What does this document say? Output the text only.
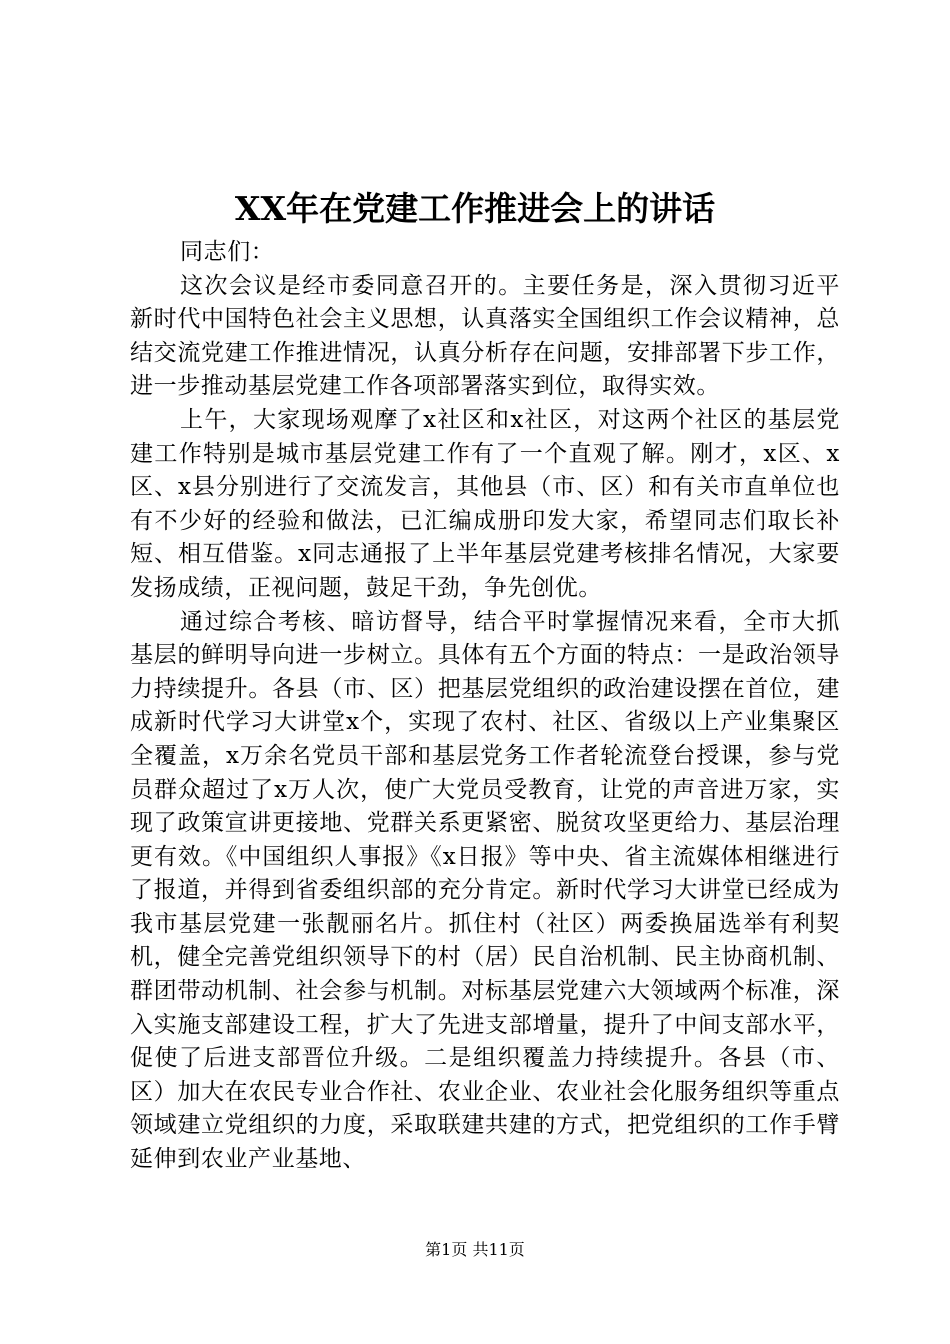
XX年在党建工作推进会上的讲话

同志们：

这次会议是经市委同意召开的。主要任务是，深入贯彻习近平新时代中国特色社会主义思想，认真落实全国组织工作会议精神，总结交流党建工作推进情况，认真分析存在问题，安排部署下步工作，进一步推动基层党建工作各项部署落实到位，取得实效。

上午，大家现场观摩了x社区和x社区，对这两个社区的基层党建工作特别是城市基层党建工作有了一个直观了解。刚才，x区、x区、x县分别进行了交流发言，其他县（市、区）和有关市直单位也有不少好的经验和做法，已汇编成册印发大家，希望同志们取长补短、相互借鉴。x同志通报了上半年基层党建考核排名情况，大家要发扬成绩，正视问题，鼓足干劲，争先创优。

通过综合考核、暗访督导，结合平时掌握情况来看，全市大抓基层的鲜明导向进一步树立。具体有五个方面的特点：一是政治领导力持续提升。各县（市、区）把基层党组织的政治建设摆在首位，建成新时代学习大讲堂x个，实现了农村、社区、省级以上产业集聚区全覆盖，x万余名党员干部和基层党务工作者轮流登台授课，参与党员群众超过了x万人次，使广大党员受教育，让党的声音进万家，实现了政策宣讲更接地、党群关系更紧密、脱贫攻坚更给力、基层治理更有效。《中国组织人事报》《x日报》等中央、省主流媒体相继进行了报道，并得到省委组织部的充分肯定。新时代学习大讲堂已经成为我市基层党建一张靓丽名片。抓住村（社区）两委换届选举有利契机，健全完善党组织领导下的村（居）民自治机制、民主协商机制、群团带动机制、社会参与机制。对标基层党建六大领域两个标准，深入实施支部建设工程，扩大了先进支部增量，提升了中间支部水平，促使了后进支部晋位升级。二是组织覆盖力持续提升。各县（市、区）加大在农民专业合作社、农业企业、农业社会化服务组织等重点领域建立党组织的力度，采取联建共建的方式，把党组织的工作手臂延伸到农业产业基地、

第1页 共11页
